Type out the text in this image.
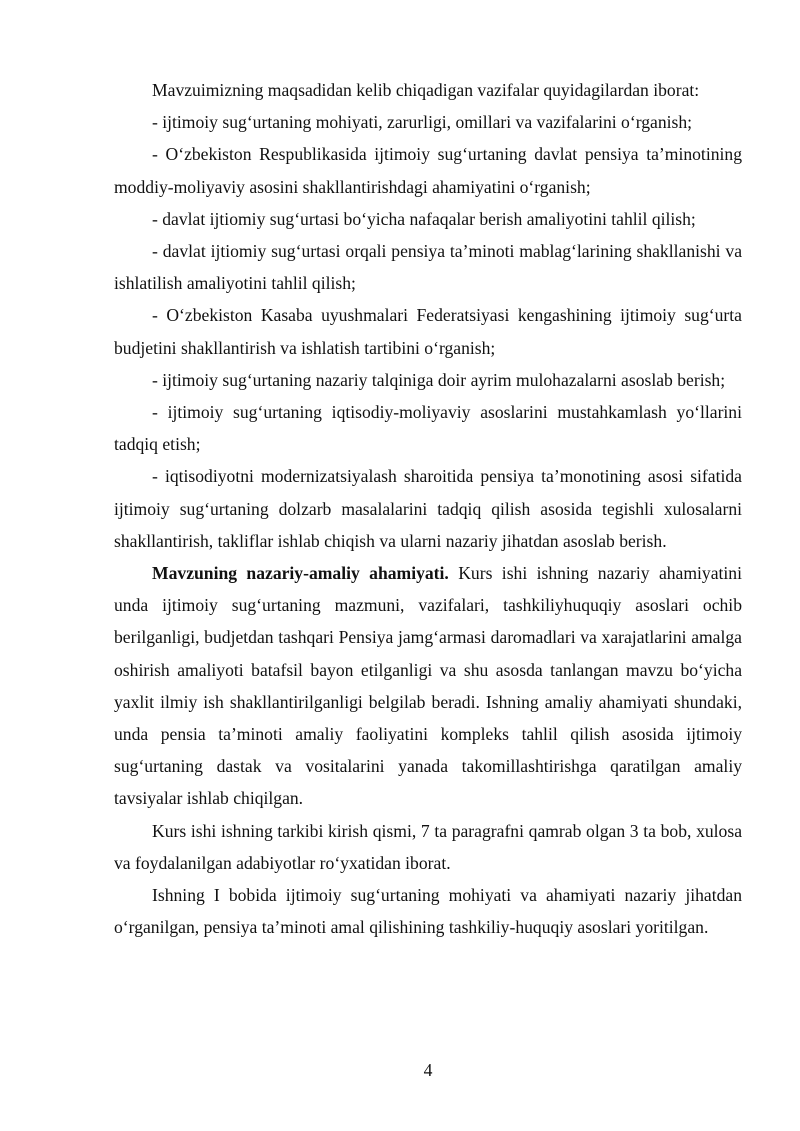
Mavzuimizning maqsadidan kelib chiqadigan vazifalar quyidagilardan iborat:

- ijtimoiy sug‘urtaning mohiyati, zarurligi, omillari va vazifalarini o‘rganish;

- O‘zbekiston Respublikasida ijtimoiy sug‘urtaning davlat pensiya ta’minotining moddiy-moliyaviy asosini shakllantirishdagi ahamiyatini o‘rganish;

- davlat ijtiomiy sug‘urtasi bo‘yicha nafaqalar berish amaliyotini tahlil qilish;

- davlat ijtiomiy sug‘urtasi orqali pensiya ta’minoti mablag‘larining shakllanishi va ishlatilish amaliyotini tahlil qilish;

- O‘zbekiston Kasaba uyushmalari Federatsiyasi kengashining ijtimoiy sug‘urta budjetini shakllantirish va ishlatish tartibini o‘rganish;

- ijtimoiy sug‘urtaning nazariy talqiniga doir ayrim mulohazalarni asoslab berish;

- ijtimoiy sug‘urtaning iqtisodiy-moliyaviy asoslarini mustahkamlash yo‘llarini tadqiq etish;

- iqtisodiyotni modernizatsiyalash sharoitida pensiya ta’monotining asosi sifatida ijtimoiy sug‘urtaning dolzarb masalalarini tadqiq qilish asosida tegishli xulosalarni shakllantirish, takliflar ishlab chiqish va ularni nazariy jihatdan asoslab berish.

Mavzuning nazariy-amaliy ahamiyati. Kurs ishi ishning nazariy ahamiyatini unda ijtimoiy sug‘urtaning mazmuni, vazifalari, tashkiliyhuquqiy asoslari ochib berilganligi, budjetdan tashqari Pensiya jamg‘armasi daromadlari va xarajatlarini amalga oshirish amaliyoti batafsil bayon etilganligi va shu asosda tanlangan mavzu bo‘yicha yaxlit ilmiy ish shakllantirilganligi belgilab beradi. Ishning amaliy ahamiyati shundaki, unda pensia ta’minoti amaliy faoliyatini kompleks tahlil qilish asosida ijtimoiy sug‘urtaning dastak va vositalarini yanada takomillashtirishga qaratilgan amaliy tavsiyalar ishlab chiqilgan.

Kurs ishi ishning tarkibi kirish qismi, 7 ta paragrafni qamrab olgan 3 ta bob, xulosa va foydalanilgan adabiyotlar ro‘yxatidan iborat.

Ishning I bobida ijtimoiy sug‘urtaning mohiyati va ahamiyati nazariy jihatdan o‘rganilgan, pensiya ta’minoti amal qilishining tashkiliy-huquqiy asoslari yoritilgan.

4
